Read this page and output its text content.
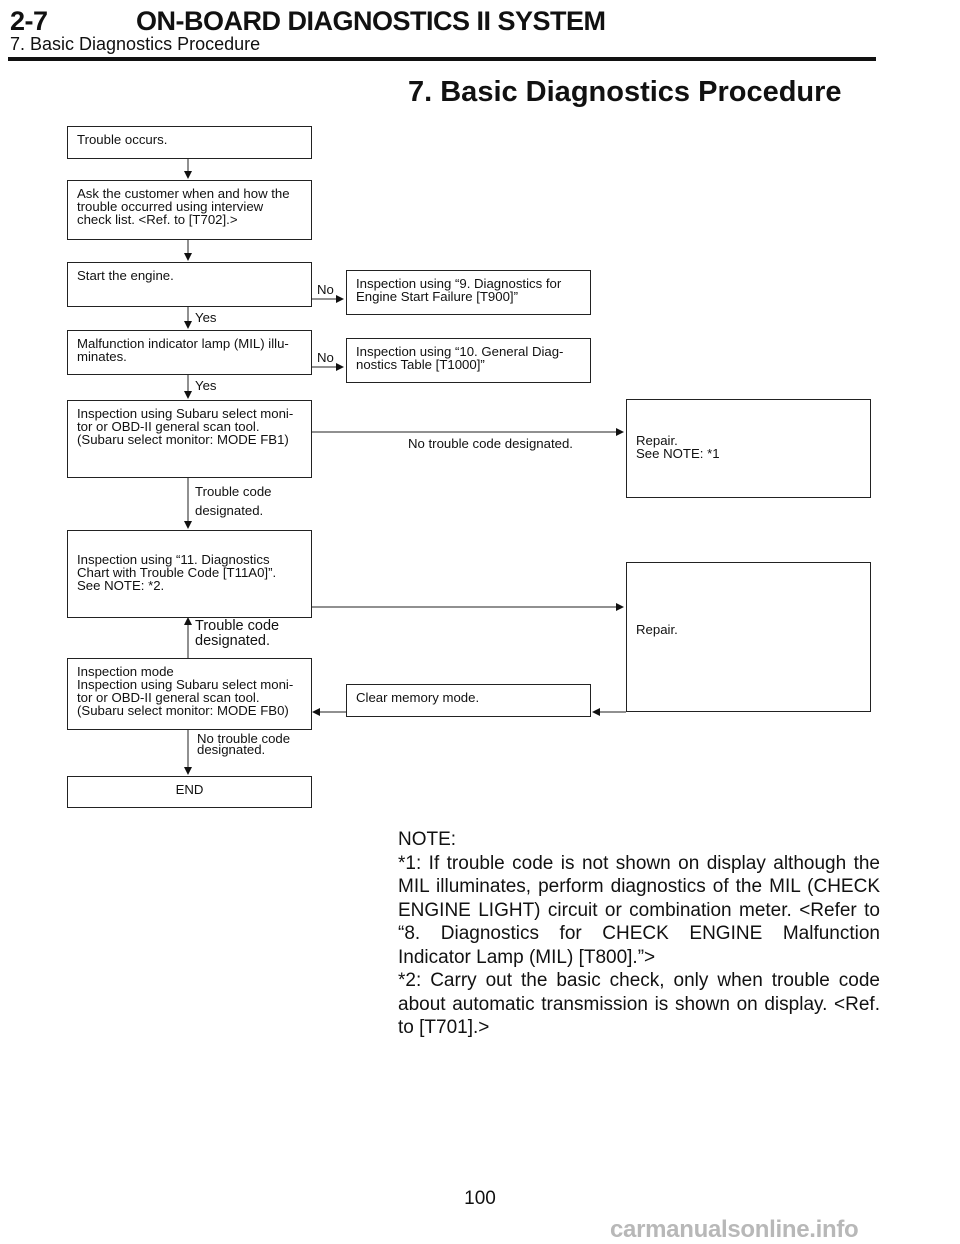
2-7	ON-BOARD DIAGNOSTICS II SYSTEM
7. Basic Diagnostics Procedure
7. Basic Diagnostics Procedure
Trouble occurs.
Ask the customer when and how the
trouble occurred using interview
check list. <Ref. to [T702].>
Start the engine.
Inspection using “9. Diagnostics for
Engine Start Failure [T900]”
Malfunction indicator lamp (MIL) illu-
minates.	Inspection using “10. General Diag-
nostics Table [T1000]”
Inspection using Subaru select moni-
tor or OBD-II general scan tool.
(Subaru select monitor: MODE FB1)	Repair.
See NOTE: *1
Inspection using “11. Diagnostics
Chart with Trouble Code [T11A0]”.
See NOTE: *2.
Repair.
Inspection mode
Inspection using Subaru select moni-
tor or OBD-II general scan tool.
(Subaru select monitor: MODE FB0)
Clear memory mode.
END
No
Yes
No
Yes
No trouble code designated.
Trouble code
designated.
Trouble code
designated.
No trouble code
designated.

NOTE:

*1: If trouble code is not shown on display although the MIL illuminates, perform diagnostics of the MIL (CHECK ENGINE LIGHT) circuit or combination meter. <Refer to “8. Diagnostics for CHECK ENGINE Malfunction Indicator Lamp (MIL) [T800].”>

*2: Carry out the basic check, only when trouble code about automatic transmission is shown on display. <Ref. to [T701].>

100
carmanualsonline.info
